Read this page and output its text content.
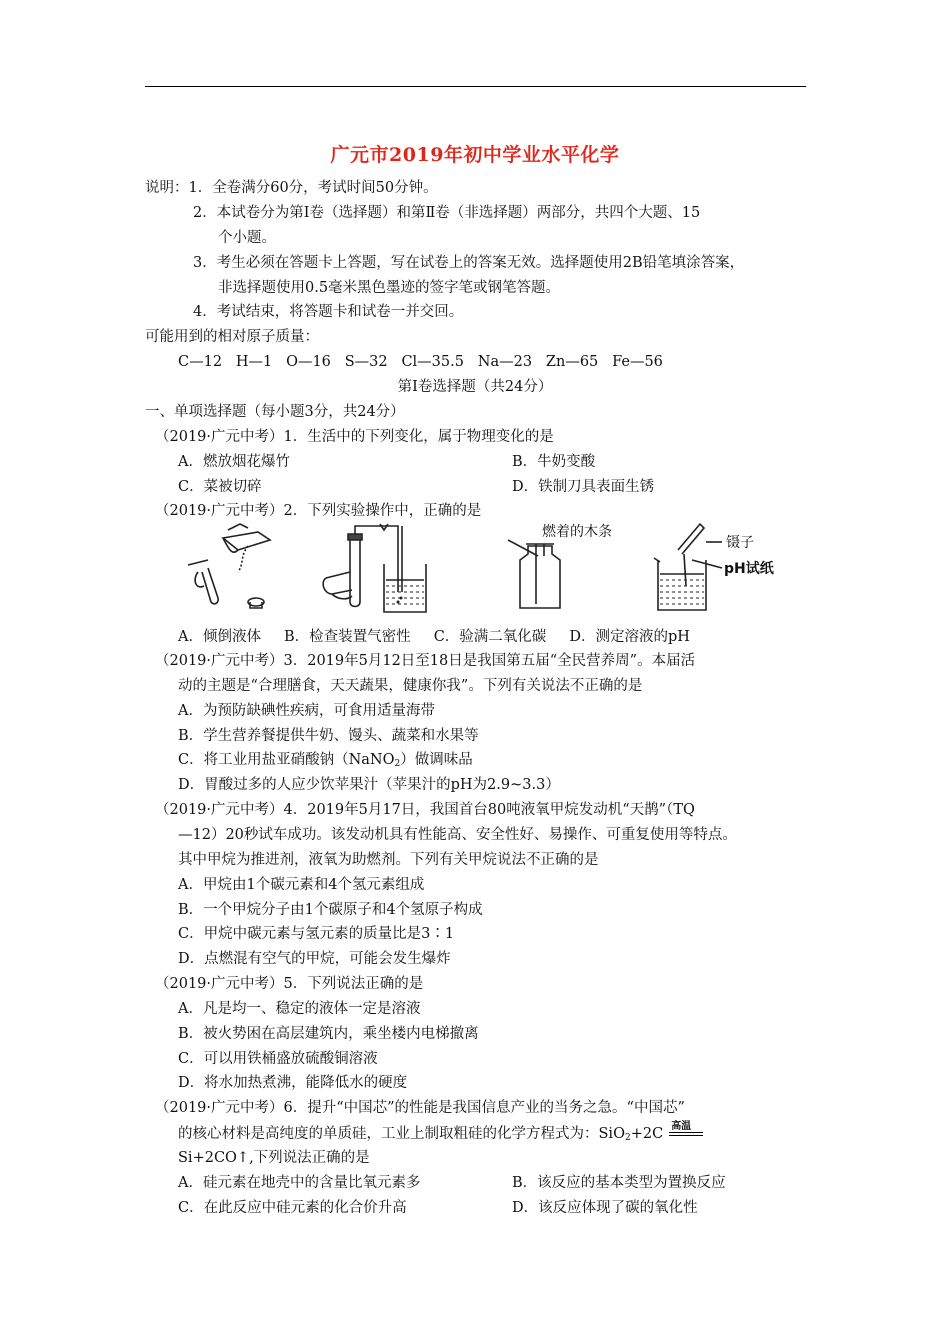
广元市2019年初中学业水平化学
说明：1．全卷满分60分，考试时间50分钟。
2．本试卷分为第Ⅰ卷（选择题）和第Ⅱ卷（非选择题）两部分，共四个大题、15
个小题。
3．考生必须在答题卡上答题，写在试卷上的答案无效。选择题使用2B铅笔填涂答案，
非选择题使用0.5毫米黑色墨迹的签字笔或钢笔答题。
4．考试结束，将答题卡和试卷一并交回。
可能用到的相对原子质量：
C—12   H—1   O—16   S—32   Cl—35.5   Na—23   Zn—65   Fe—56
第Ⅰ卷选择题（共24分）
一、单项选择题（每小题3分，共24分）
（2019·广元中考）1．生活中的下列变化，属于物理变化的是
A．燃放烟花爆竹	B．牛奶变酸
C．菜被切碎	D．铁制刀具表面生锈
（2019·广元中考）2．下列实验操作中，正确的是
燃着的木条
镊子
pH试纸
A．倾倒液体     B．检查装置气密性     C．验满二氧化碳     D．测定溶液的pH
（2019·广元中考）3．2019年5月12日至18日是我国第五届“全民营养周”。本届活
动的主题是“合理膳食，天天蔬果，健康你我”。下列有关说法不正确的是
A．为预防缺碘性疾病，可食用适量海带
B．学生营养餐提供牛奶、馒头、蔬菜和水果等
C．将工业用盐亚硝酸钠（NaNO$_2$）做调味品
D．胃酸过多的人应少饮苹果汁（苹果汁的pH为2.9~3.3）
（2019·广元中考）4．2019年5月17日，我国首台80吨液氧甲烷发动机“天鹊”（TQ
—12）20秒试车成功。该发动机具有性能高、安全性好、易操作、可重复使用等特点。
其中甲烷为推进剂，液氧为助燃剂。下列有关甲烷说法不正确的是
A．甲烷由1个碳元素和4个氢元素组成
B．一个甲烷分子由1个碳原子和4个氢原子构成
C．甲烷中碳元素与氢元素的质量比是3∶1
D．点燃混有空气的甲烷，可能会发生爆炸
（2019·广元中考）5．下列说法正确的是
A．凡是均一、稳定的液体一定是溶液
B．被火势困在高层建筑内，乘坐楼内电梯撤离
C．可以用铁桶盛放硫酸铜溶液
D．将水加热煮沸，能降低水的硬度
（2019·广元中考）6．提升“中国芯”的性能是我国信息产业的当务之急。“中国芯”
的核心材料是高纯度的单质硅，工业上制取粗硅的化学方程式为：SiO$_2$+2C 高温
Si+2CO↑,下列说法正确的是
A．硅元素在地壳中的含量比氧元素多	B．该反应的基本类型为置换反应
C．在此反应中硅元素的化合价升高	D．该反应体现了碳的氧化性
